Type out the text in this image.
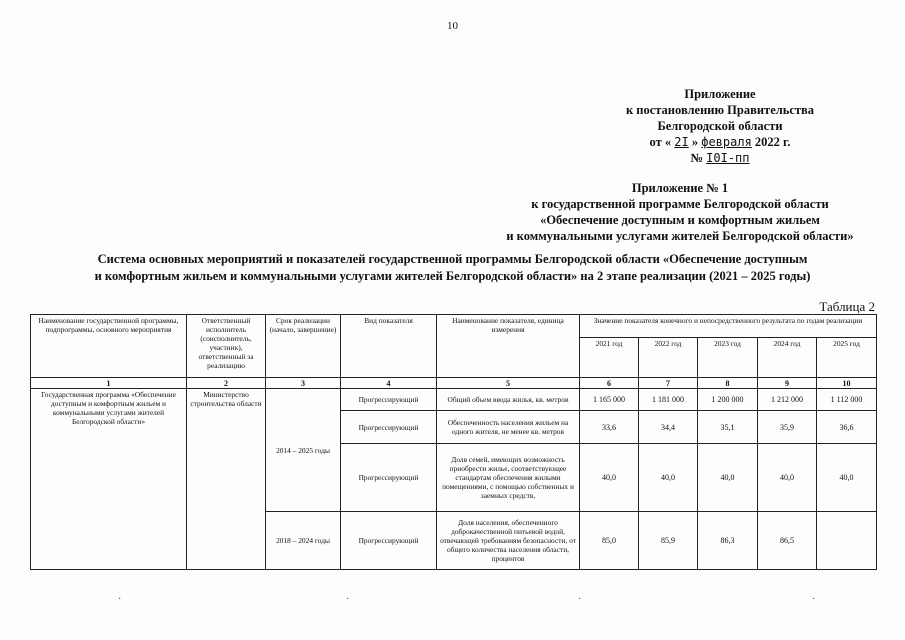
10
Приложение
к постановлению Правительства
Белгородской области
от « 2I » февраля 2022 г.
№ I0I-пп
Приложение № 1
к государственной программе Белгородской области
«Обеспечение доступным и комфортным жильем
и коммунальными услугами жителей Белгородской области»
Система основных мероприятий и показателей государственной программы Белгородской области «Обеспечение доступным
и комфортным жильем и коммунальными услугами жителей Белгородской области» на 2 этапе реализации (2021 – 2025 годы)
Таблица 2
Наименование государственной программы, подпрограммы, основного мероприятия	Ответственный исполнитель (соисполнитель, участник), ответственный за реализацию	Срок реализации (начало, завершение)	Вид показателя	Наименование показателя, единица измерения	Значение показателя конечного и непосредственного результата по годам реализации				
					2021 год	2022 год	2023 год	2024 год	2025 год
1	2	3	4	5	6	7	8	9	10
Государственная программа «Обеспечение доступным и комфортным жильем и коммунальными услугами жителей Белгородской области»	Министерство строительства области	2014 – 2025 годы	Прогрессирующий	Общий объем ввода жилья, кв. метров	1 165 000	1 181 000	1 200 000	1 212 000	1 112 000
			Прогрессирующий	Обеспеченность населения жильем на одного жителя, не менее кв. метров	33,6	34,4	35,1	35,9	36,6
			Прогрессирующий	Доля семей, имеющих возможность приобрести жилье, соответствующее стандартам обеспечения жилыми помещениями, с помощью собственных и заемных средств,	40,0	40,0	40,0	40,0	40,0
		2018 – 2024 годы	Прогрессирующий	Доля населения, обеспеченного доброкачественной питьевой водой, отвечающей требованиям безопасности, от общего количества населения области, процентов	85,0	85,9	86,3	86,5	
·	·	·	·
